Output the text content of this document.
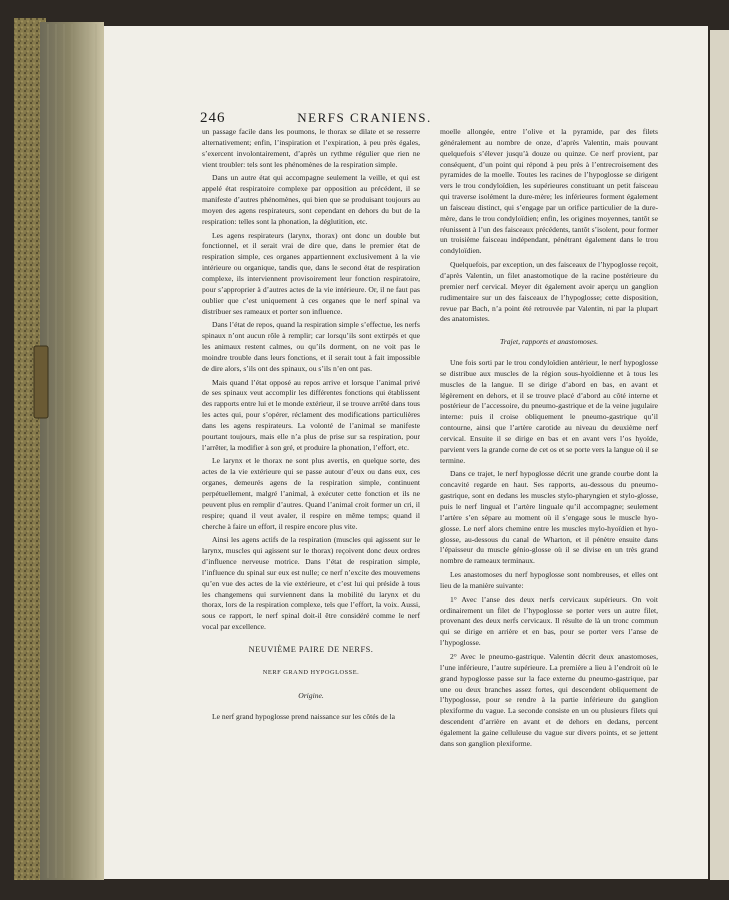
246	NERFS CRANIENS.

un passage facile dans les poumons, le thorax se dilate et se resserre alternativement; enfin, l’inspiration et l’expiration, à peu près égales, s’exercent involontairement, d’après un rythme régulier que rien ne vient troubler: tels sont les phénomènes de la respiration simple.

Dans un autre état qui accompagne seulement la veille, et qui est appelé état respiratoire complexe par opposition au précédent, il se manifeste d’autres phénomènes, qui bien que se produisant toujours au moyen des agens respirateurs, sont cependant en dehors du but de la respiration: telles sont la phonation, la déglutition, etc.

Les agens respirateurs (larynx, thorax) ont donc un double but fonctionnel, et il serait vrai de dire que, dans le premier état de respiration simple, ces organes appartiennent exclusivement à la vie intérieure ou organique, tandis que, dans le second état de respiration complexe, ils interviennent provisoirement leur fonction respiratoire, pour s’approprier à d’autres actes de la vie intérieure. Or, il ne faut pas oublier que c’est uniquement à ces organes que le nerf spinal va distribuer ses rameaux et porter son influence.

Dans l’état de repos, quand la respiration simple s’effectue, les nerfs spinaux n’ont aucun rôle à remplir; car lorsqu’ils sont extirpés et que les animaux restent calmes, ou qu’ils dorment, on ne voit pas le moindre trouble dans leurs fonctions, et il serait tout à fait impossible de dire alors, s’ils ont des spinaux, ou s’ils n’en ont pas.

Mais quand l’état opposé au repos arrive et lorsque l’animal privé de ses spinaux veut accomplir les différentes fonctions qui établissent des rapports entre lui et le monde extérieur, il se trouve arrêté dans tous les actes qui, pour s’opérer, réclament des modifications particulières dans les agens respirateurs. La volonté de l’animal se manifeste pourtant toujours, mais elle n’a plus de prise sur sa respiration, pour l’arrêter, la modifier à son gré, et produire la phonation, l’effort, etc.

Le larynx et le thorax ne sont plus avertis, en quelque sorte, des actes de la vie extérieure qui se passe autour d’eux ou dans eux, ces organes, demeurés agens de la respiration simple, continuent perpétuellement, malgré l’animal, à exécuter cette fonction et ils ne peuvent plus en remplir d’autres. Quand l’animal croit former un cri, il respire; quand il veut avaler, il respire en même temps; quand il cherche à faire un effort, il respire encore plus vite.

Ainsi les agens actifs de la respiration (muscles qui agissent sur le larynx, muscles qui agissent sur le thorax) reçoivent donc deux ordres d’influence nerveuse motrice. Dans l’état de respiration simple, l’influence du spinal sur eux est nulle; ce nerf n’excite des mouvemens qu’en vue des actes de la vie extérieure, et c’est lui qui préside à tous les changemens qui surviennent dans la mobilité du larynx et du thorax, lors de la respiration complexe, tels que l’effort, la voix. Aussi, sous ce rapport, le nerf spinal doit-il être considéré comme le nerf vocal par excellence.

NEUVIÈME PAIRE DE NERFS.

NERF GRAND HYPOGLOSSE.

Origine.

Le nerf grand hypoglosse prend naissance sur les côtés de la

moelle allongée, entre l’olive et la pyramide, par des filets généralement au nombre de onze, d’après Valentin, mais pouvant quelquefois s’élever jusqu’à douze ou quinze. Ce nerf provient, par conséquent, d’un point qui répond à peu près à l’entrecroisement des pyramides de la moelle. Toutes les racines de l’hypoglosse se dirigent vers le trou condyloïdien, les supérieures constituant un petit faisceau qui traverse isolément la dure-mère; les inférieures forment également un faisceau distinct, qui s’engage par un orifice particulier de la dure-mère, dans le trou condyloïdien; enfin, les origines moyennes, tantôt se réunissent à l’un des faisceaux précédents, tantôt s’isolent, pour former un troisième faisceau indépendant, pénétrant également dans le trou condyloïdien.

Quelquefois, par exception, un des faisceaux de l’hypoglosse reçoit, d’après Valentin, un filet anastomotique de la racine postérieure du premier nerf cervical. Meyer dit également avoir aperçu un ganglion rudimentaire sur un des faisceaux de l’hypoglosse; cette disposition, revue par Bach, n’a point été retrouvée par Valentin, ni par la plupart des anatomistes.

Trajet, rapports et anastomoses.

Une fois sorti par le trou condyloïdien antérieur, le nerf hypoglosse se distribue aux muscles de la région sous-hyoïdienne et à tous les muscles de la langue. Il se dirige d’abord en bas, en avant et légèrement en dehors, et il se trouve placé d’abord au côté interne et postérieur de l’accessoire, du pneumo-gastrique et de la veine jugulaire interne: puis il croise obliquement le pneumo-gastrique qu’il contourne, ainsi que l’artère carotide au niveau du deuxième nerf cervical. Ensuite il se dirige en bas et en avant vers l’os hyoïde, parvient vers la grande corne de cet os et se porte vers la langue où il se termine.

Dans ce trajet, le nerf hypoglosse décrit une grande courbe dont la concavité regarde en haut. Ses rapports, au-dessous du pneumo-gastrique, sont en dedans les muscles stylo-pharyngien et stylo-glosse, puis le nerf lingual et l’artère linguale qu’il accompagne; seulement l’artère s’en sépare au moment où il s’engage sous le muscle hyo-glosse. Le nerf alors chemine entre les muscles mylo-hyoïdien et hyo-glosse, au-dessous du canal de Wharton, et il pénètre ensuite dans l’épaisseur du muscle génio-glosse où il se divise en un très grand nombre de rameaux terminaux.

Les anastomoses du nerf hypoglosse sont nombreuses, et elles ont lieu de la manière suivante:

1° Avec l’anse des deux nerfs cervicaux supérieurs. On voit ordinairement un filet de l’hypoglosse se porter vers un autre filet, provenant des deux nerfs cervicaux. Il résulte de là un tronc commun qui se dirige en arrière et en bas, pour se porter vers l’anse de l’hypoglosse.

2° Avec le pneumo-gastrique. Valentin décrit deux anastomoses, l’une inférieure, l’autre supérieure. La première a lieu à l’endroit où le grand hypoglosse passe sur la face externe du pneumo-gastrique, par une ou deux branches assez fortes, qui descendent obliquement de l’hypoglosse, pour se rendre à la partie inférieure du ganglion plexiforme du vague. La seconde consiste en un ou plusieurs filets qui descendent d’arrière en avant et de dehors en dedans, percent également la gaine celluleuse du vague sur divers points, et se jettent dans son ganglion plexiforme.
